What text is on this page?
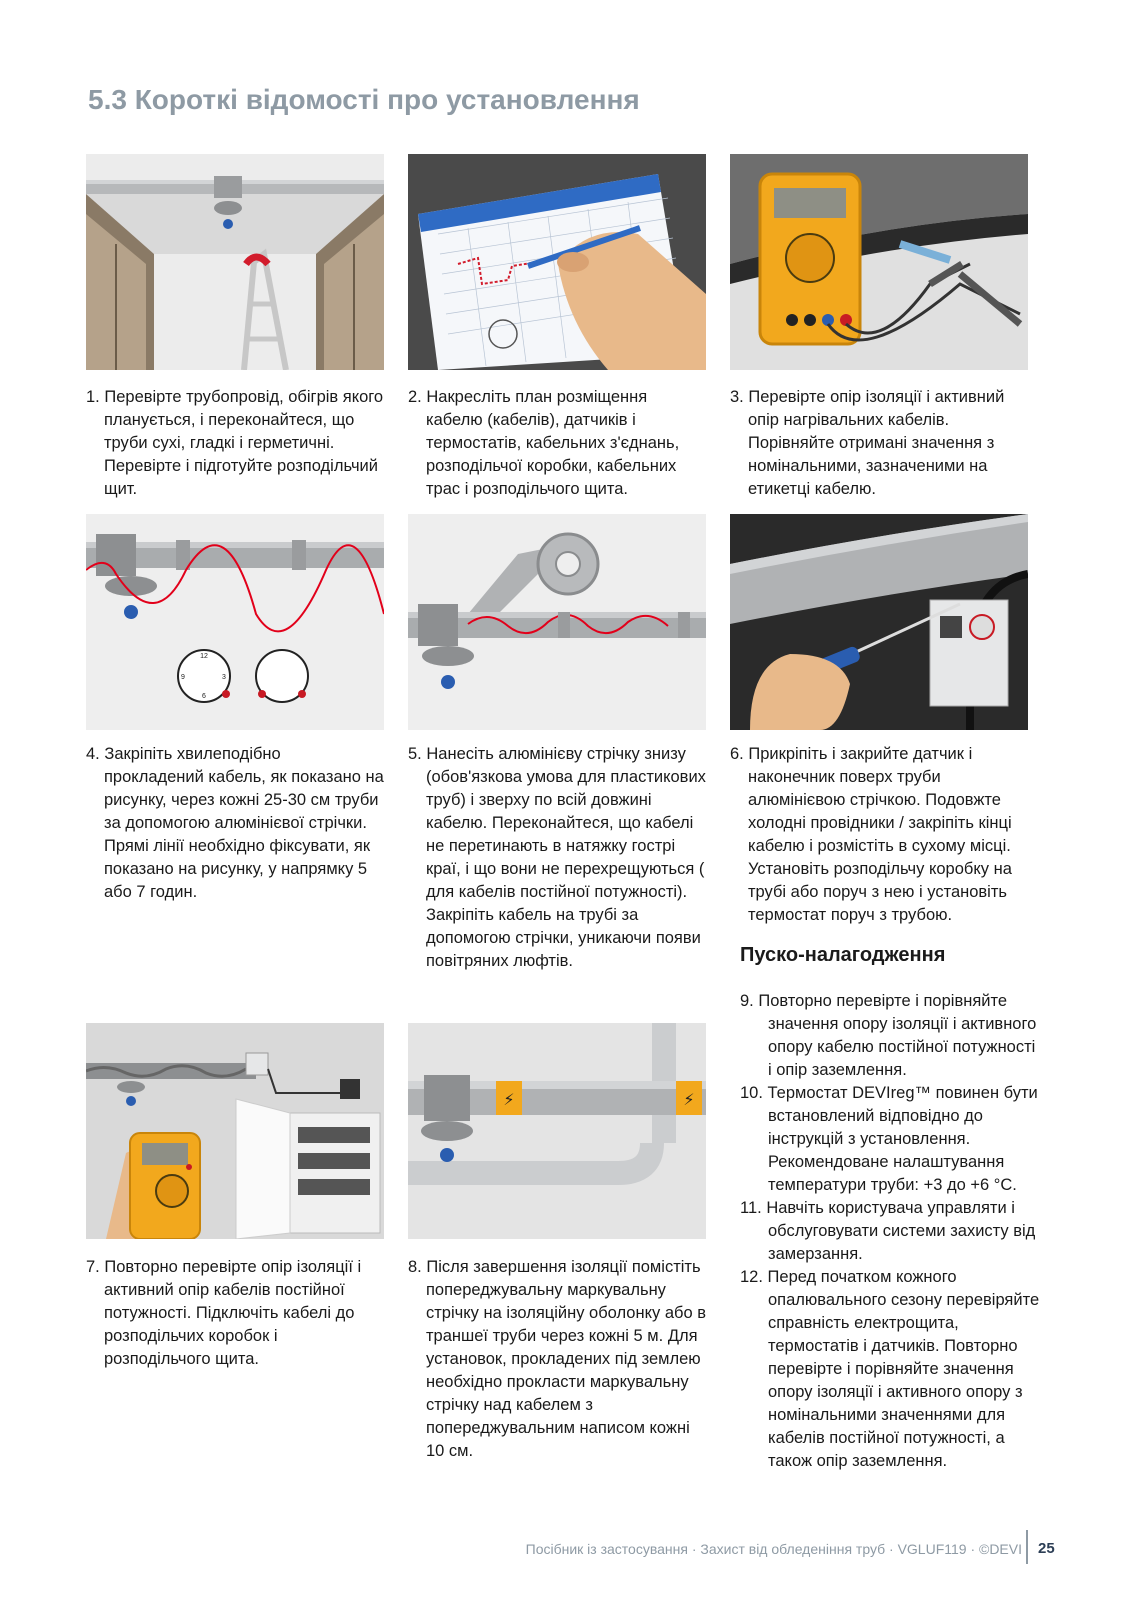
5.3 Короткі відомості про установлення
12
3
6
9
⚡	⚡

1. Перевірте трубопровід, обігрів якого планується, і переконайтеся, що труби сухі, гладкі і герметичні. Перевірте і підготуйте розподільчий щит.

2. Накресліть план розміщення кабелю (кабелів), датчиків і термостатів, кабельних з'єднань, розподільчої коробки, кабельних трас і розподільчого щита.

3. Перевірте опір ізоляції і активний опір нагрівальних кабелів. Порівняйте отримані значення з номінальними, зазначеними на етикетці кабелю.

4. Закріпіть хвилеподібно прокладений кабель, як показано на рисунку, через кожні 25-30 см труби за допомогою алюмінієвої стрічки. Прямі лінії необхідно фіксувати, як показано на рисунку, у напрямку 5 або 7 годин.

5. Нанесіть алюмінієву стрічку знизу (обов'язкова умова для пластикових труб) і зверху по всій довжині кабелю. Переконайтеся, що кабелі не перетинають в натяжку гострі краї, і що вони не перехрещуються ( для кабелів постійної потужності). Закріпіть кабель на трубі за допомогою стрічки, уникаючи появи повітряних люфтів.

6. Прикріпіть і закрийте датчик і наконечник поверх труби алюмінієвою стрічкою. Подовжте холодні провідники / закріпіть кінці кабелю і розмістіть в сухому місці. Установіть розподільчу коробку на трубі або поруч з нею і установіть термостат поруч з трубою.

7. Повторно перевірте опір ізоляції і активний опір кабелів постійної потужності. Підключіть кабелі до розподільчих коробок і розподільчого щита.

8. Після завершення ізоляції помістіть попереджувальну маркувальну стрічку на ізоляційну оболонку або в траншеї труби через кожні 5 м. Для установок, прокладених під землею необхідно прокласти маркувальну стрічку над кабелем з попереджувальним написом кожні 10 см.

Пуско-налагодження
9. Повторно перевірте і порівняйте значення опору ізоляції і активного опору кабелю постійної потужності і опір заземлення.
10. Термостат DEVIreg™ повинен бути встановлений відповідно до інструкцій з установлення. Рекомендоване налаштування температури труби: +3 до +6 °C.
11. Навчіть користувача управляти і обслуговувати системи захисту від замерзання.
12. Перед початком кожного опалювального сезону перевіряйте справність електрощита, термостатів і датчиків. Повторно перевірте і порівняйте значення опору ізоляції і активного опору з номінальними значеннями для кабелів постійної потужності, а також опір заземлення.
Посібник із застосування · Захист від обледеніння труб · VGLUF119 · ©DEVI 25
